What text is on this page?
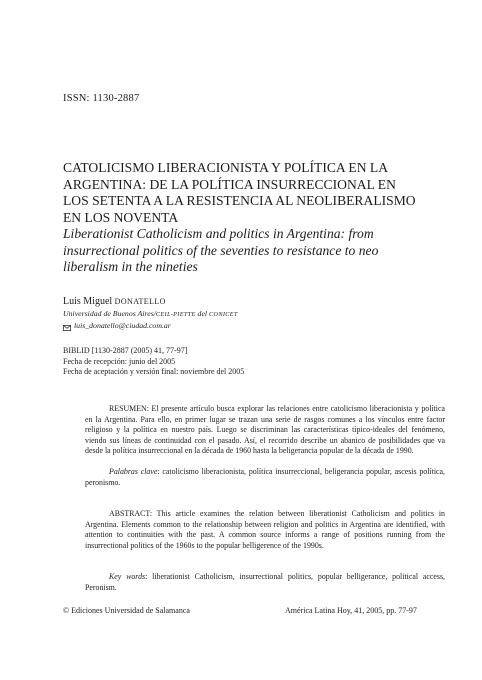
ISSN: 1130-2887
CATOLICISMO LIBERACIONISTA Y POLÍTICA EN LA
ARGENTINA: DE LA POLÍTICA INSURRECCIONAL EN
LOS SETENTA A LA RESISTENCIA AL NEOLIBERALISMO
EN LOS NOVENTA
Liberationist Catholicism and politics in Argentina: from
insurrectional politics of the seventies to resistance to neo
liberalism in the nineties
Luis Miguel DONATELLO
Universidad de Buenos Aires/CEIL-PIETTE del CONICET
luis_donatello@ciudad.com.ar
BIBLID [1130-2887 (2005) 41, 77-97]
Fecha de recepción: junio del 2005
Fecha de aceptación y versión final: noviembre del 2005

RESUMEN: El presente artículo busca explorar las relaciones entre catolicismo liberacionista y política en la Argentina. Para ello, en primer lugar se trazan una serie de rasgos comunes a los vínculos entre factor religioso y la política en nuestro país. Luego se discriminan las características típico-ideales del fenómeno, viendo sus líneas de continuidad con el pasado. Así, el recorrido describe un abanico de posibilidades que va desde la política insurreccional en la década de 1960 hasta la beligerancia popular de la década de 1990.

Palabras clave: catolicismo liberacionista, política insurreccional, beligerancia popular, ascesis política, peronismo.

ABSTRACT: This article examines the relation between liberationist Catholicism and politics in Argentina. Elements common to the relationship between religion and politics in Argentina are identified, with attention to continuities with the past. A common source informs a range of positions running from the insurrectional politics of the 1960s to the popular belligerence of the 1990s.

Key words: liberationist Catholicism, insurrectional politics, popular belligerance, political access, Peronism.

© Ediciones Universidad de Salamanca	América Latina Hoy, 41, 2005, pp. 77-97
